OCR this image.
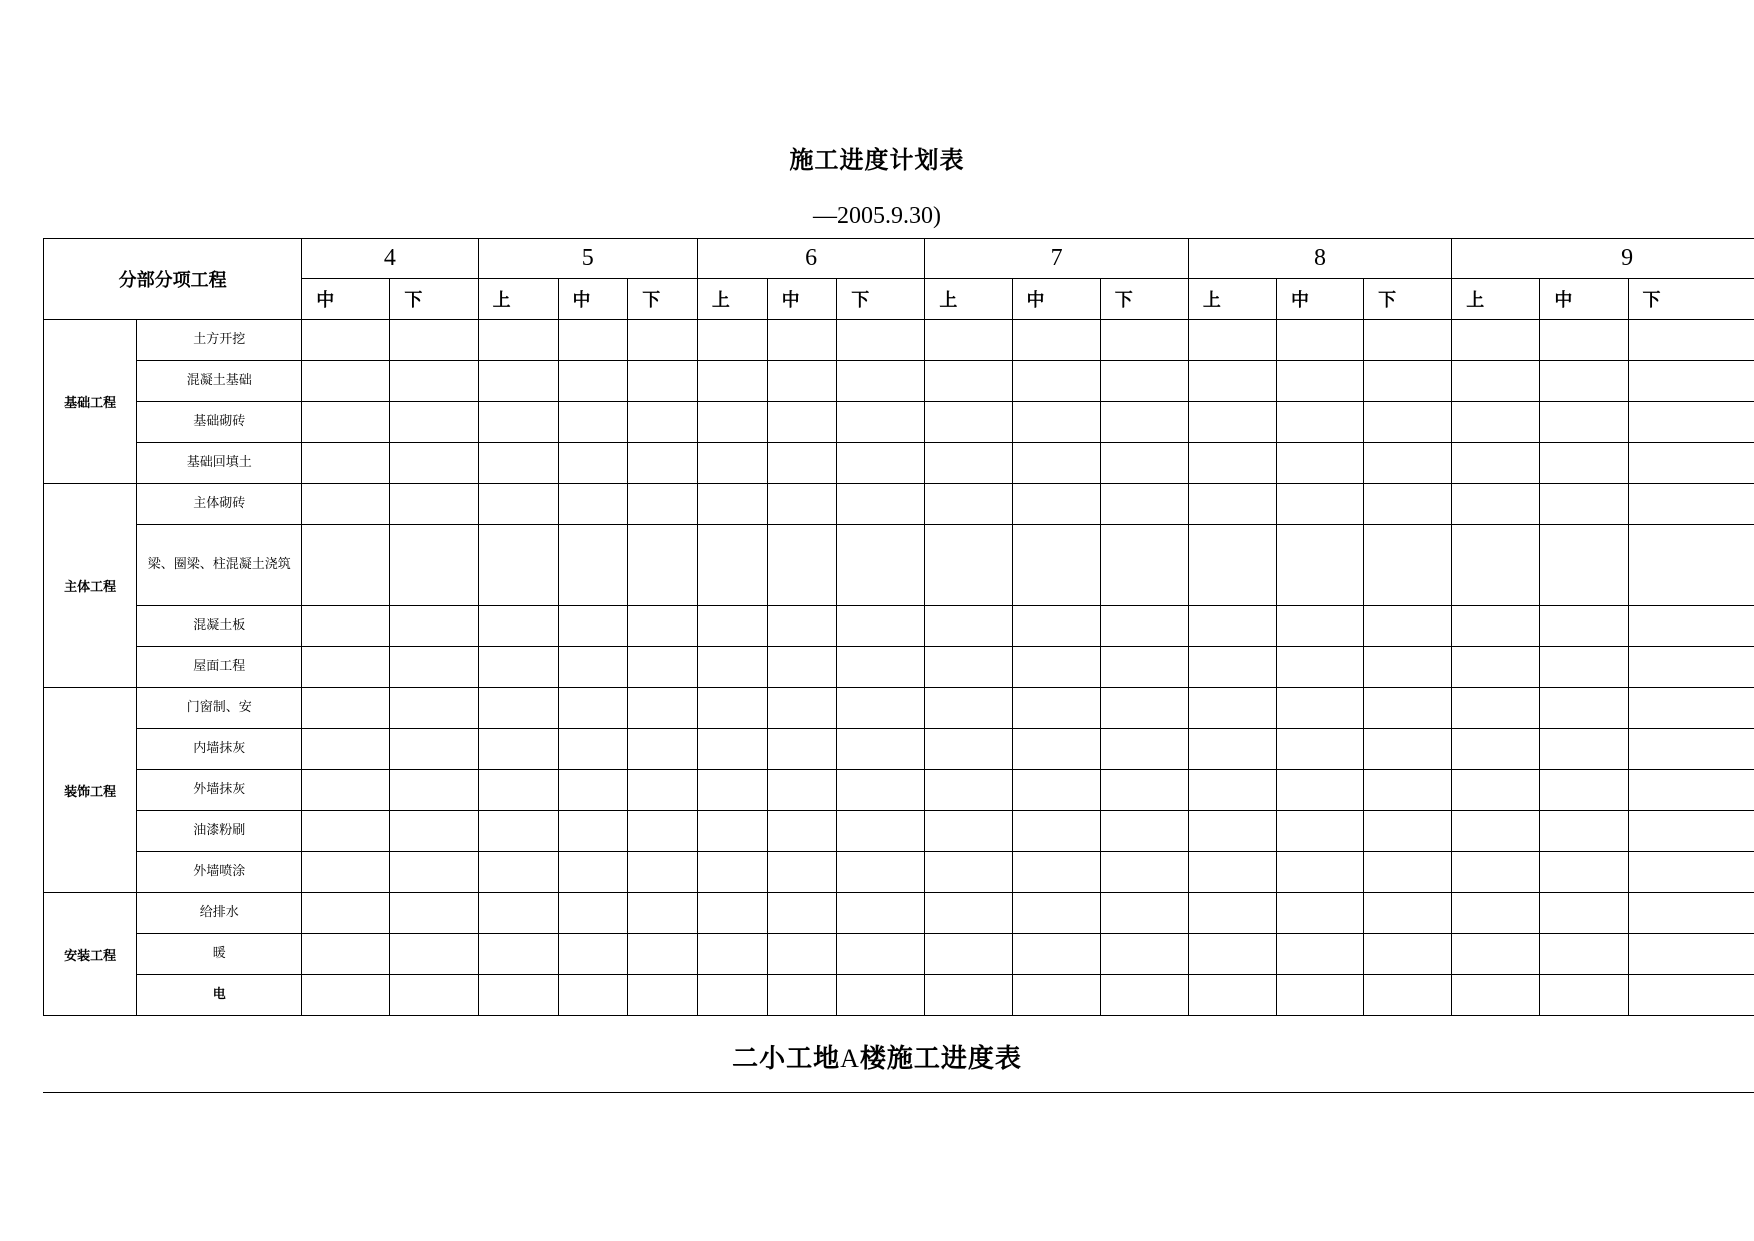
施工进度计划表
—2005.9.30)
分部分项工程		4		5			6			7			8			9		
		中	下	上	中	下	上	中	下	上	中	下	上	中	下	上	中	下
基础工程	土方开挖																	
	混凝土基础																	
	基础砌砖																	
	基础回填土																	
主体工程	主体砌砖																	
	梁、圈梁、柱混凝土浇筑																	
	混凝土板																	
	屋面工程																	
装饰工程	门窗制、安																	
	内墙抹灰																	
	外墙抹灰																	
	油漆粉刷																	
	外墙喷涂																	
安装工程	给排水																	
	暖																	
	电																	
二小工地A楼施工进度表
